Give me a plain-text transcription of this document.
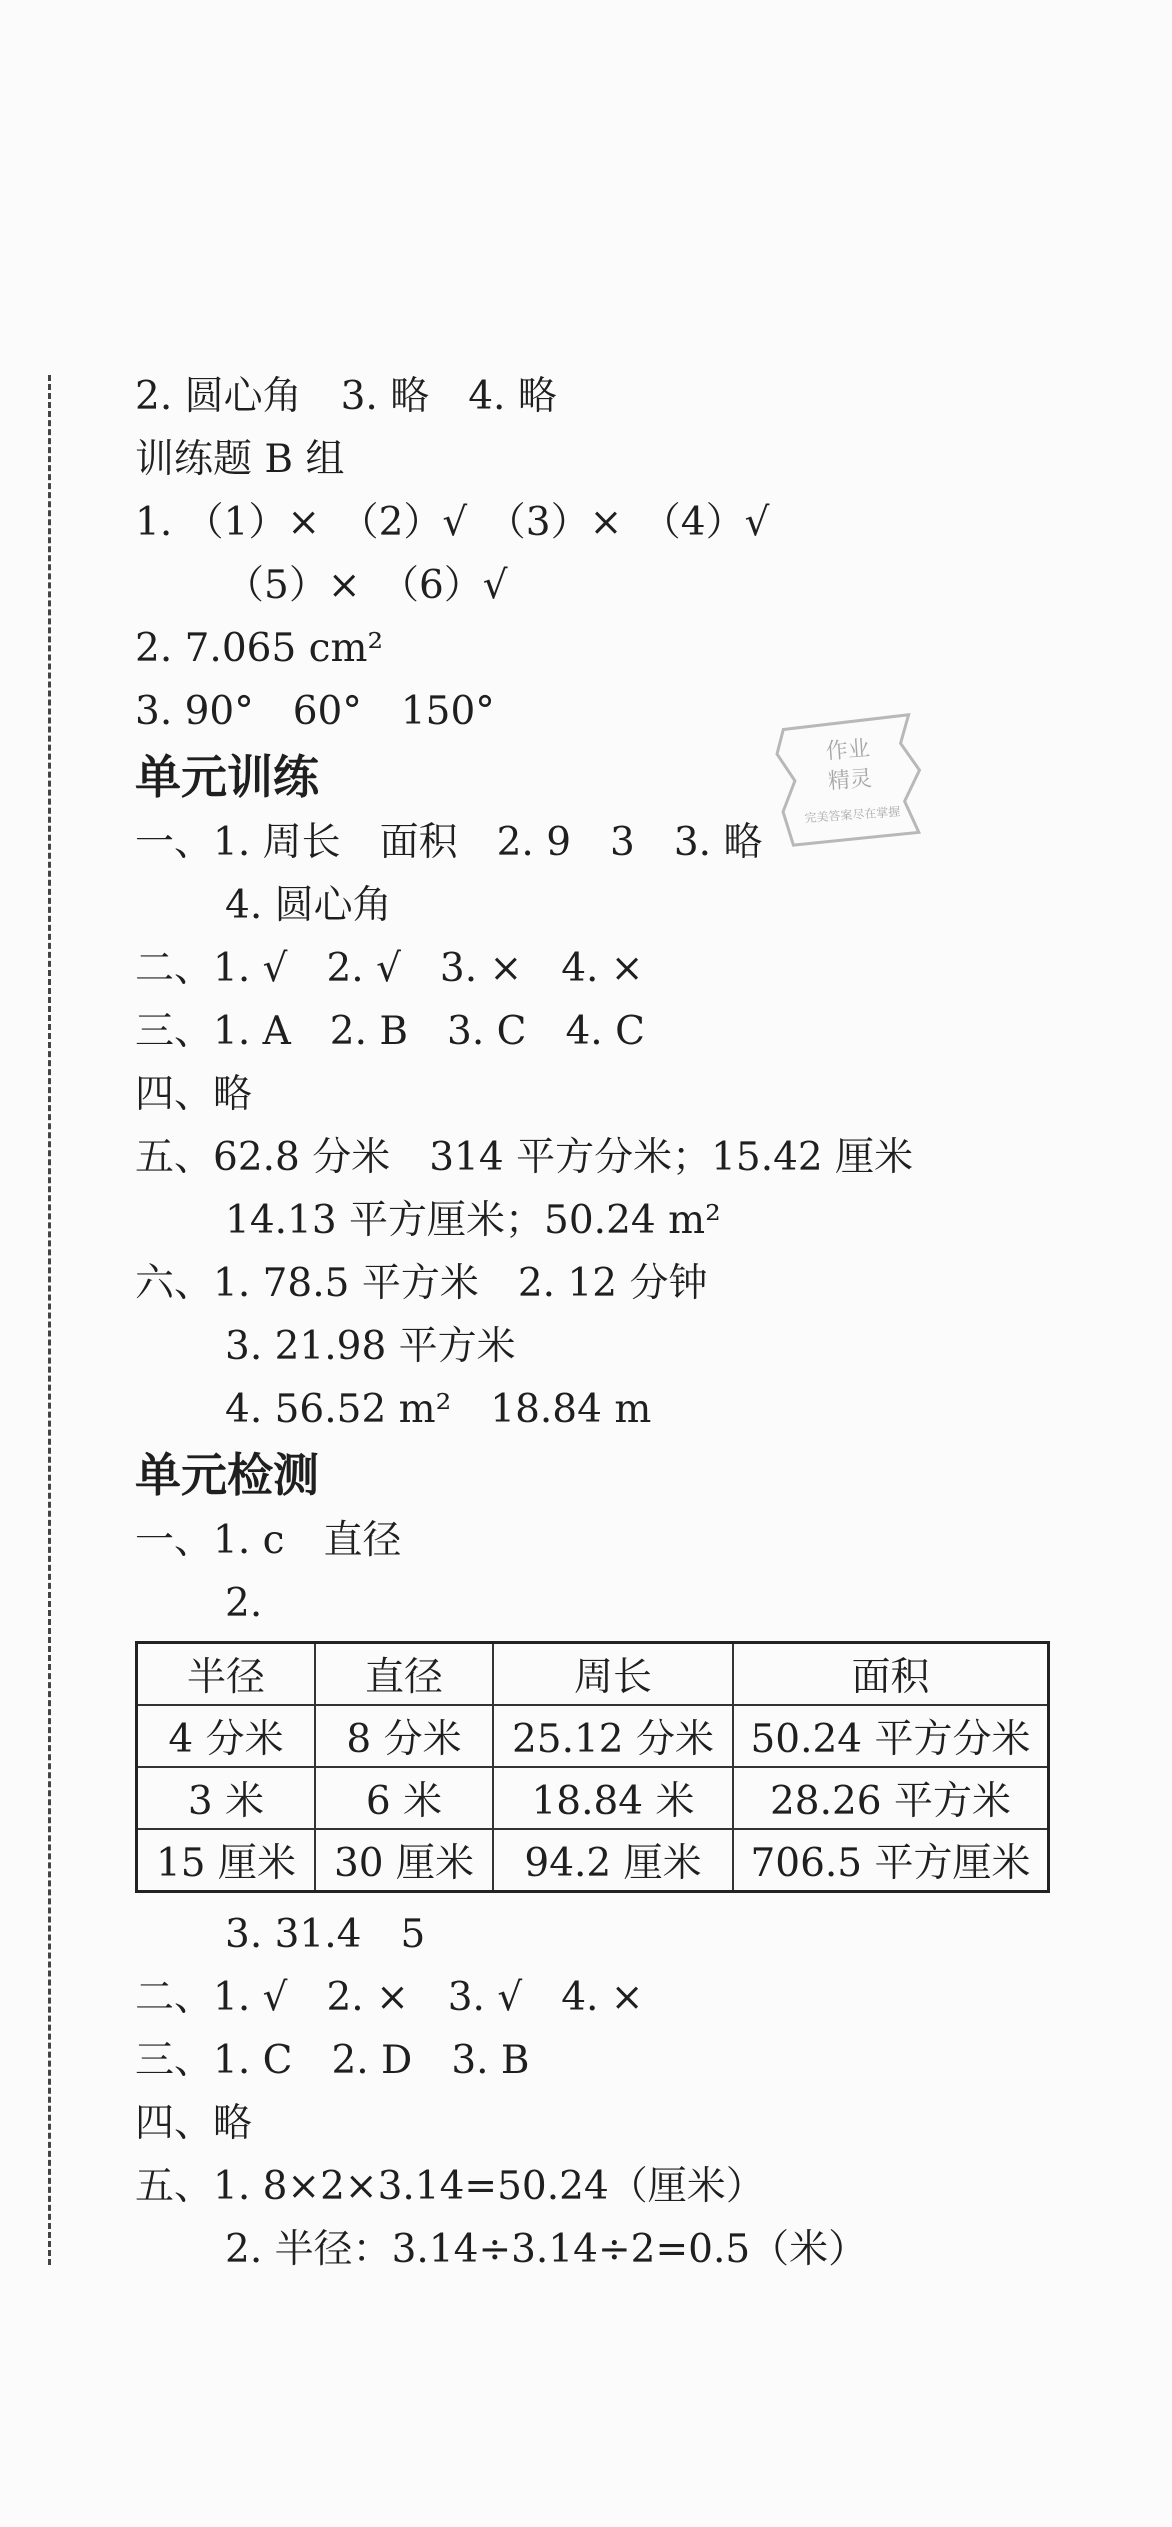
2. 圆心角　3. 略　4. 略
训练题 B 组
1. （1）×　（2）√　（3）×　（4）√
（5）×　（6）√
2. 7.065 cm²
3. 90°　60°　150°
单元训练
一、1. 周长　面积　2. 9　3　3. 略
4. 圆心角
二、1. √　2. √　3. ×　4. ×
三、1. A　2. B　3. C　4. C
四、略
五、62.8 分米　314 平方分米；15.42 厘米
14.13 平方厘米；50.24 m²
六、1. 78.5 平方米　2. 12 分钟
3. 21.98 平方米
4. 56.52 m²　18.84 m
单元检测
一、1. c　直径
2.
半径	直径	周长	面积
4 分米	8 分米	25.12 分米	50.24 平方分米
3 米	6 米	18.84 米	28.26 平方米
15 厘米	30 厘米	94.2 厘米	706.5 平方厘米
3. 31.4　5
二、1. √　2. ×　3. √　4. ×
三、1. C　2. D　3. B
四、略
五、1. 8×2×3.14=50.24（厘米）
2. 半径：3.14÷3.14÷2=0.5（米）
作业
精灵
完美答案尽在掌握
